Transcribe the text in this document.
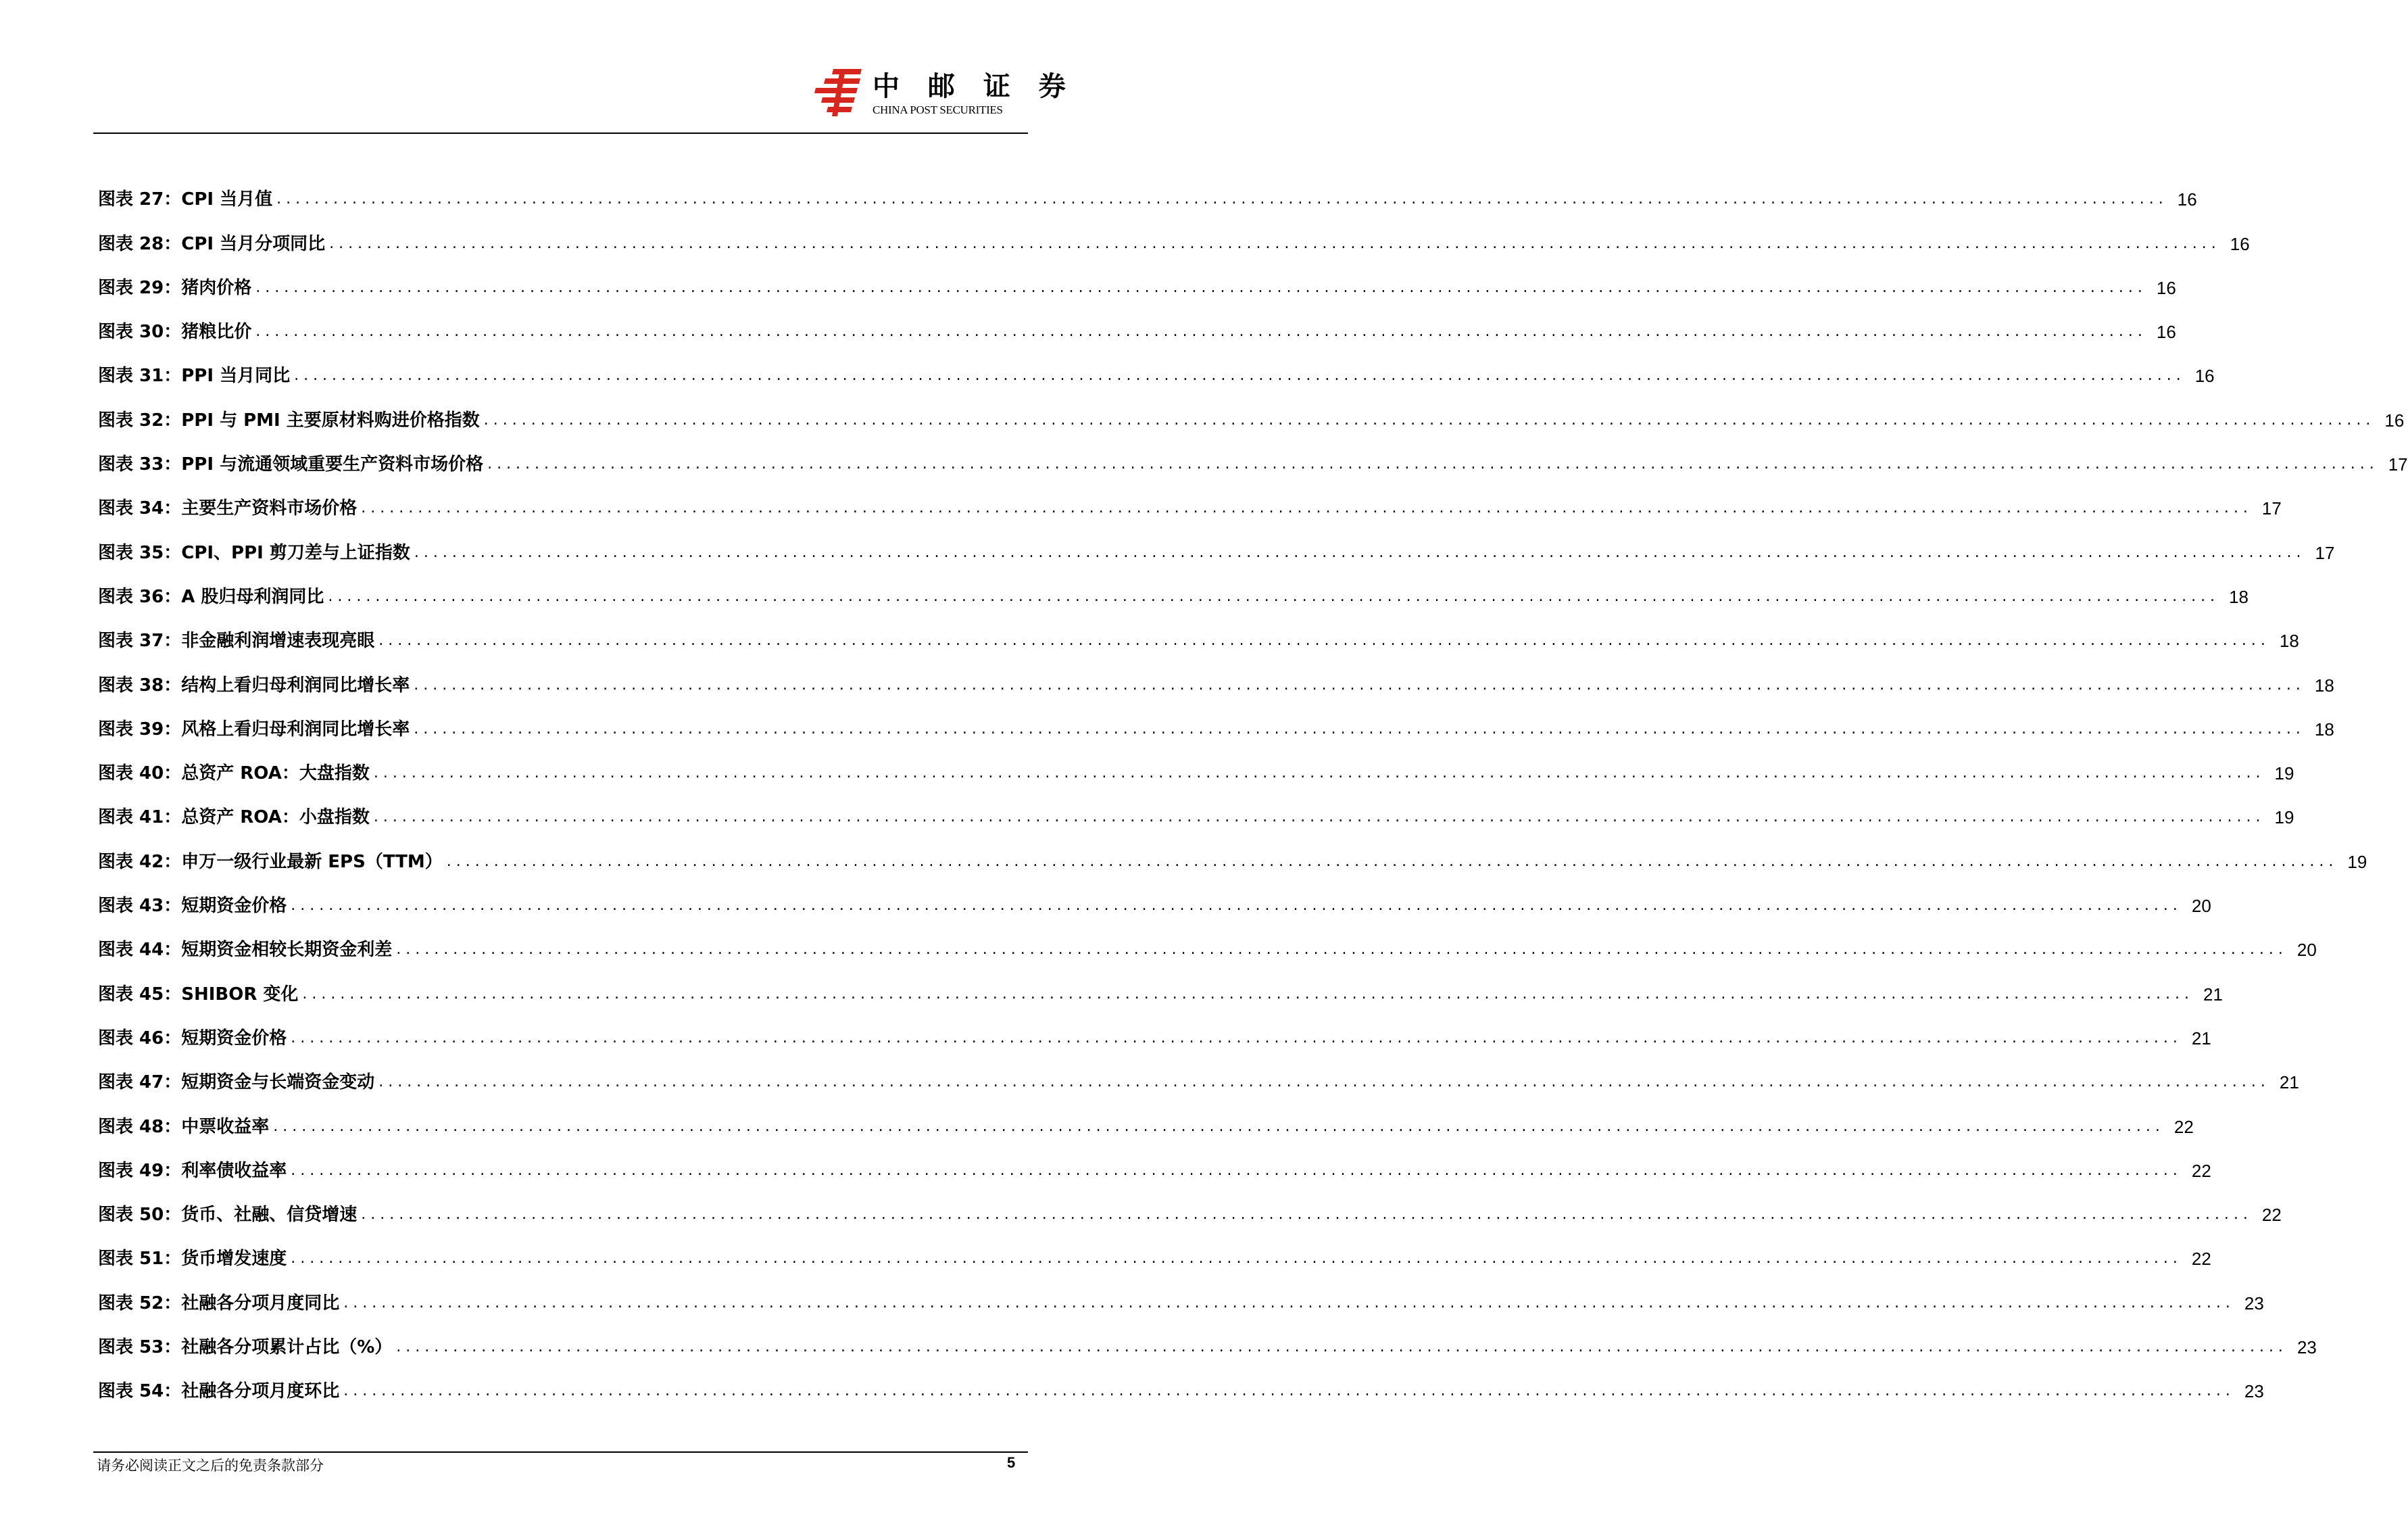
中 邮 证 券
CHINA POST SECURITIES
图表 27：CPI 当月值 ........................................................................................................................................................................................................ 16
图表 28：CPI 当月分项同比 ........................................................................................................................................................................................................ 16
图表 29：猪肉价格 ........................................................................................................................................................................................................ 16
图表 30：猪粮比价 ........................................................................................................................................................................................................ 16
图表 31：PPI 当月同比 ........................................................................................................................................................................................................ 16
图表 32：PPI 与 PMI 主要原材料购进价格指数 ........................................................................................................................................................................................................ 16
图表 33：PPI 与流通领域重要生产资料市场价格 ........................................................................................................................................................................................................ 17
图表 34：主要生产资料市场价格 ........................................................................................................................................................................................................ 17
图表 35：CPI、PPI 剪刀差与上证指数 ........................................................................................................................................................................................................ 17
图表 36：A 股归母利润同比 ........................................................................................................................................................................................................ 18
图表 37：非金融利润增速表现亮眼 ........................................................................................................................................................................................................ 18
图表 38：结构上看归母利润同比增长率 ........................................................................................................................................................................................................ 18
图表 39：风格上看归母利润同比增长率 ........................................................................................................................................................................................................ 18
图表 40：总资产 ROA：大盘指数 ........................................................................................................................................................................................................ 19
图表 41：总资产 ROA：小盘指数 ........................................................................................................................................................................................................ 19
图表 42：申万一级行业最新 EPS（TTM） ........................................................................................................................................................................................................ 19
图表 43：短期资金价格 ........................................................................................................................................................................................................ 20
图表 44：短期资金相较长期资金利差 ........................................................................................................................................................................................................ 20
图表 45：SHIBOR 变化 ........................................................................................................................................................................................................ 21
图表 46：短期资金价格 ........................................................................................................................................................................................................ 21
图表 47：短期资金与长端资金变动 ........................................................................................................................................................................................................ 21
图表 48：中票收益率 ........................................................................................................................................................................................................ 22
图表 49：利率债收益率 ........................................................................................................................................................................................................ 22
图表 50：货币、社融、信贷增速 ........................................................................................................................................................................................................ 22
图表 51：货币增发速度 ........................................................................................................................................................................................................ 22
图表 52：社融各分项月度同比 ........................................................................................................................................................................................................ 23
图表 53：社融各分项累计占比（%） ........................................................................................................................................................................................................ 23
图表 54：社融各分项月度环比 ........................................................................................................................................................................................................ 23
请务必阅读正文之后的免责条款部分	5
